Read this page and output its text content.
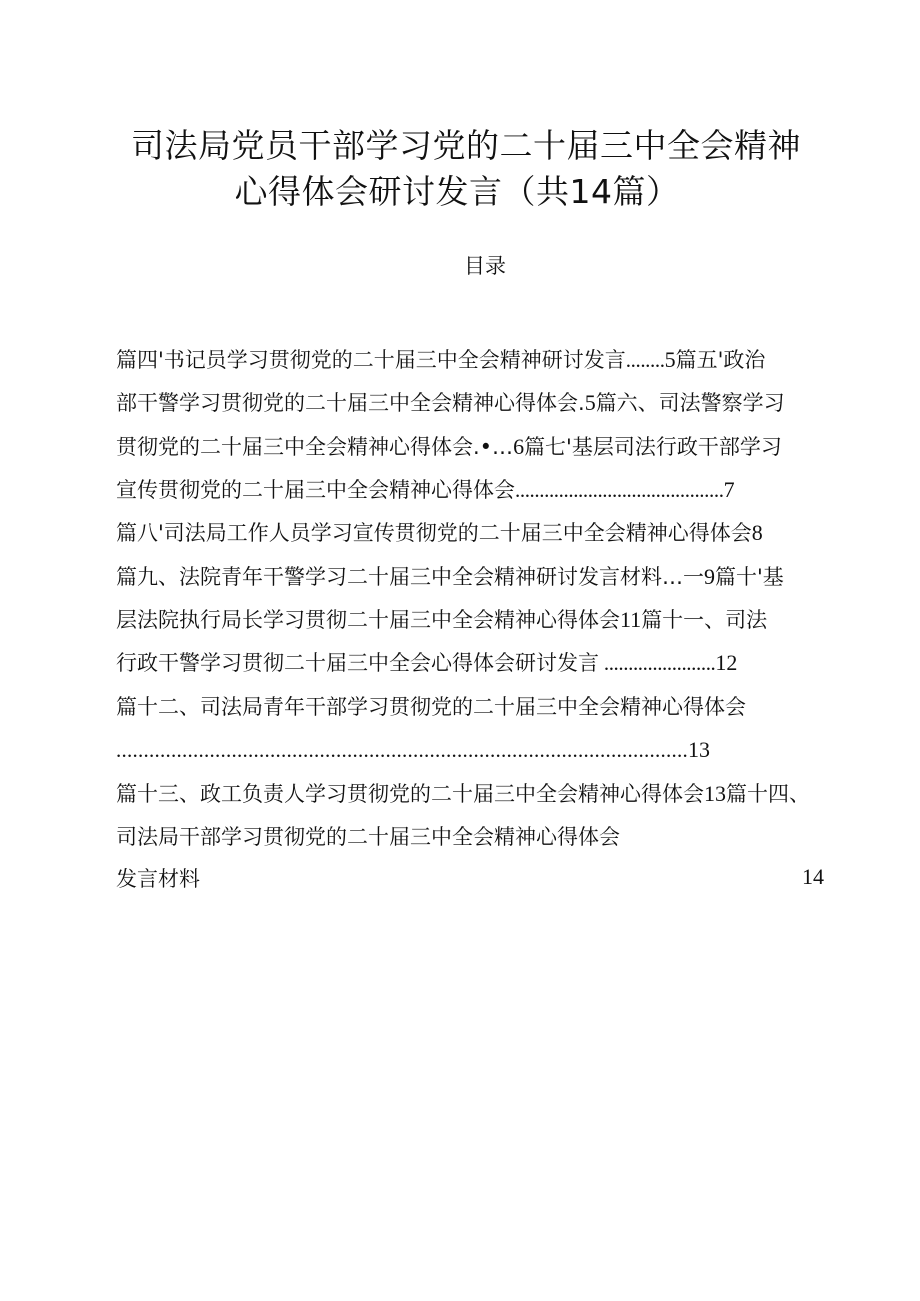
司法局党员干部学习党的二十届三中全会精神
心得体会研讨发言（共14篇）
目录
篇四'书记员学习贯彻党的二十届三中全会精神研讨发言........5篇五'政治
部干警学习贯彻党的二十届三中全会精神心得体会.5篇六、司法警察学习
贯彻党的二十届三中全会精神心得体会.•…6篇七'基层司法行政干部学习
宣传贯彻党的二十届三中全会精神心得体会...........................................7
篇八'司法局工作人员学习宣传贯彻党的二十届三中全会精神心得体会8
篇九、法院青年干警学习二十届三中全会精神研讨发言材料…一9篇十'基
层法院执行局长学习贯彻二十届三中全会精神心得体会11篇十一、司法
行政干警学习贯彻二十届三中全会心得体会研讨发言 .......................12
篇十二、司法局青年干部学习贯彻党的二十届三中全会精神心得体会
........................................................................................................13
篇十三、政工负责人学习贯彻党的二十届三中全会精神心得体会13篇十四、
司法局干部学习贯彻党的二十届三中全会精神心得体会
发言材料	14
